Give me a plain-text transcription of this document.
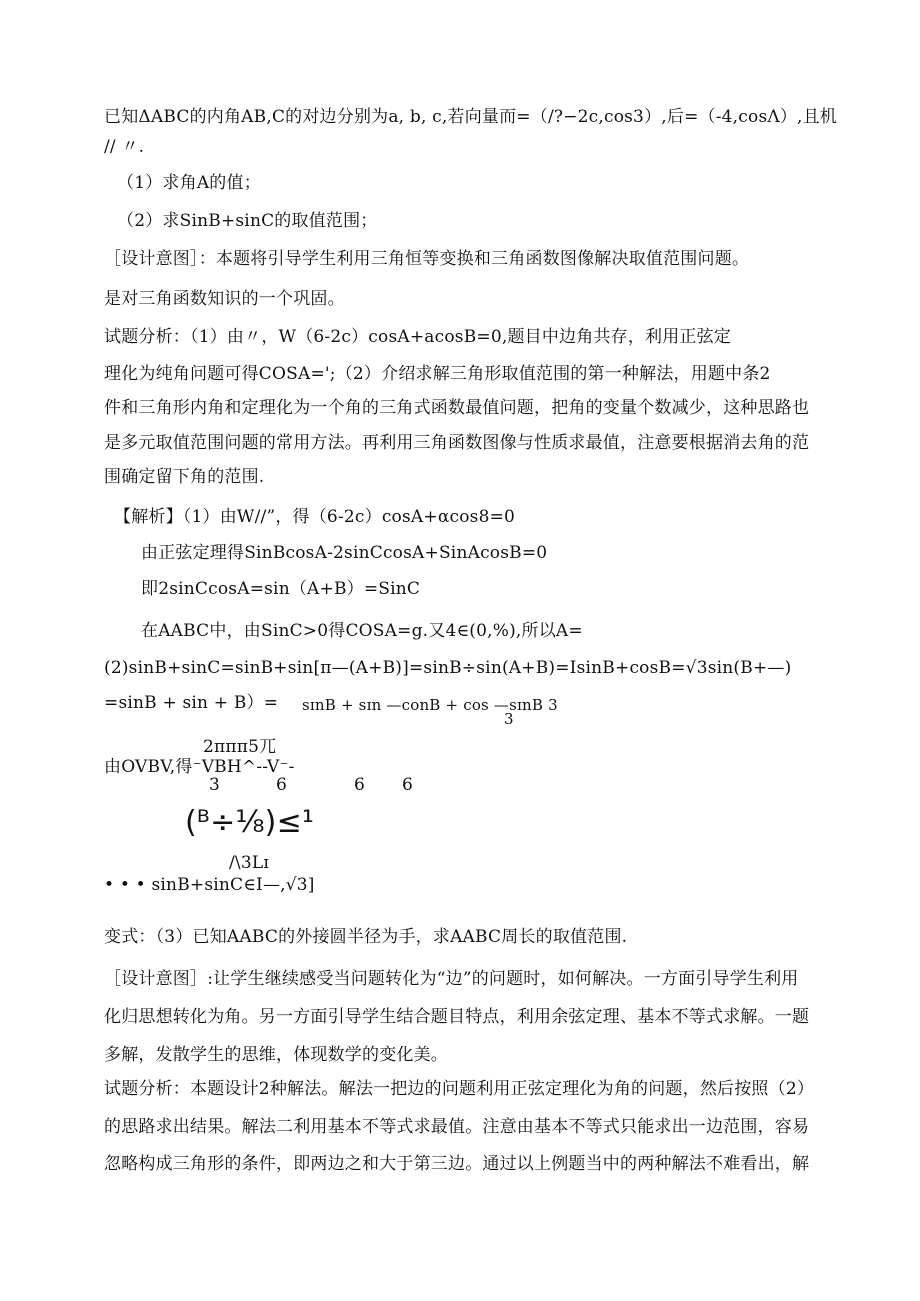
已知ΔABC的内角AB,C的对边分别为a, b, c,若向量而=（/?−2c,cos3）,后=（-4,cosΛ）,且机
// 〃.
（1）求角A的值；
（2）求SinB+sinC的取值范围；
［设计意图］：本题将引导学生利用三角恒等变换和三角函数图像解决取值范围问题。
是对三角函数知识的一个巩固。
试题分析：（1）由〃，W（6-2c）cosA+acosB=0,题目中边角共存，利用正弦定
理化为纯角问题可得COSA=';（2）介绍求解三角形取值范围的第一种解法，用题中条2
件和三角形内角和定理化为一个角的三角式函数最值问题，把角的变量个数减少，这种思路也
是多元取值范围问题的常用方法。再利用三角函数图像与性质求最值，注意要根据消去角的范
围确定留下角的范围.
【解析】（1）由W//”，得（6-2c）cosA+αcos8=0
由正弦定理得SinBcosA-2sinCcosA+SinAcosB=0
即2sinCcosA=sin（A+B）=SinC
在AABC中，由SinC>0得COSA=g.又4∈(0,%),所以A=
(2)sinB+sinC=sinB+sin[π—(A+B)]=sinB÷sin(A+B)=IsinB+cosB=√3sin(B+—)
=sinB + sin + B）= sɪnB + sɪn —conB + cos —sɪnB 3
3
2πππ5兀
由OVBV,得⁻VBH^--V⁻-
3	6	6 6
(ᴮ÷⅛)≤¹
/\3Lɪ
• • • sinB+sinC∈I—,√3]
变式：（3）已知AABC的外接圆半径为手，求AABC周长的取值范围.
［设计意图］:让学生继续感受当问题转化为“边”的问题时，如何解决。一方面引导学生利用
化归思想转化为角。另一方面引导学生结合题目特点，利用余弦定理、基本不等式求解。一题
多解，发散学生的思维，体现数学的变化美。
试题分析：本题设计2种解法。解法一把边的问题利用正弦定理化为角的问题，然后按照（2）
的思路求出结果。解法二利用基本不等式求最值。注意由基本不等式只能求出一边范围，容易
忽略构成三角形的条件，即两边之和大于第三边。通过以上例题当中的两种解法不难看出，解
